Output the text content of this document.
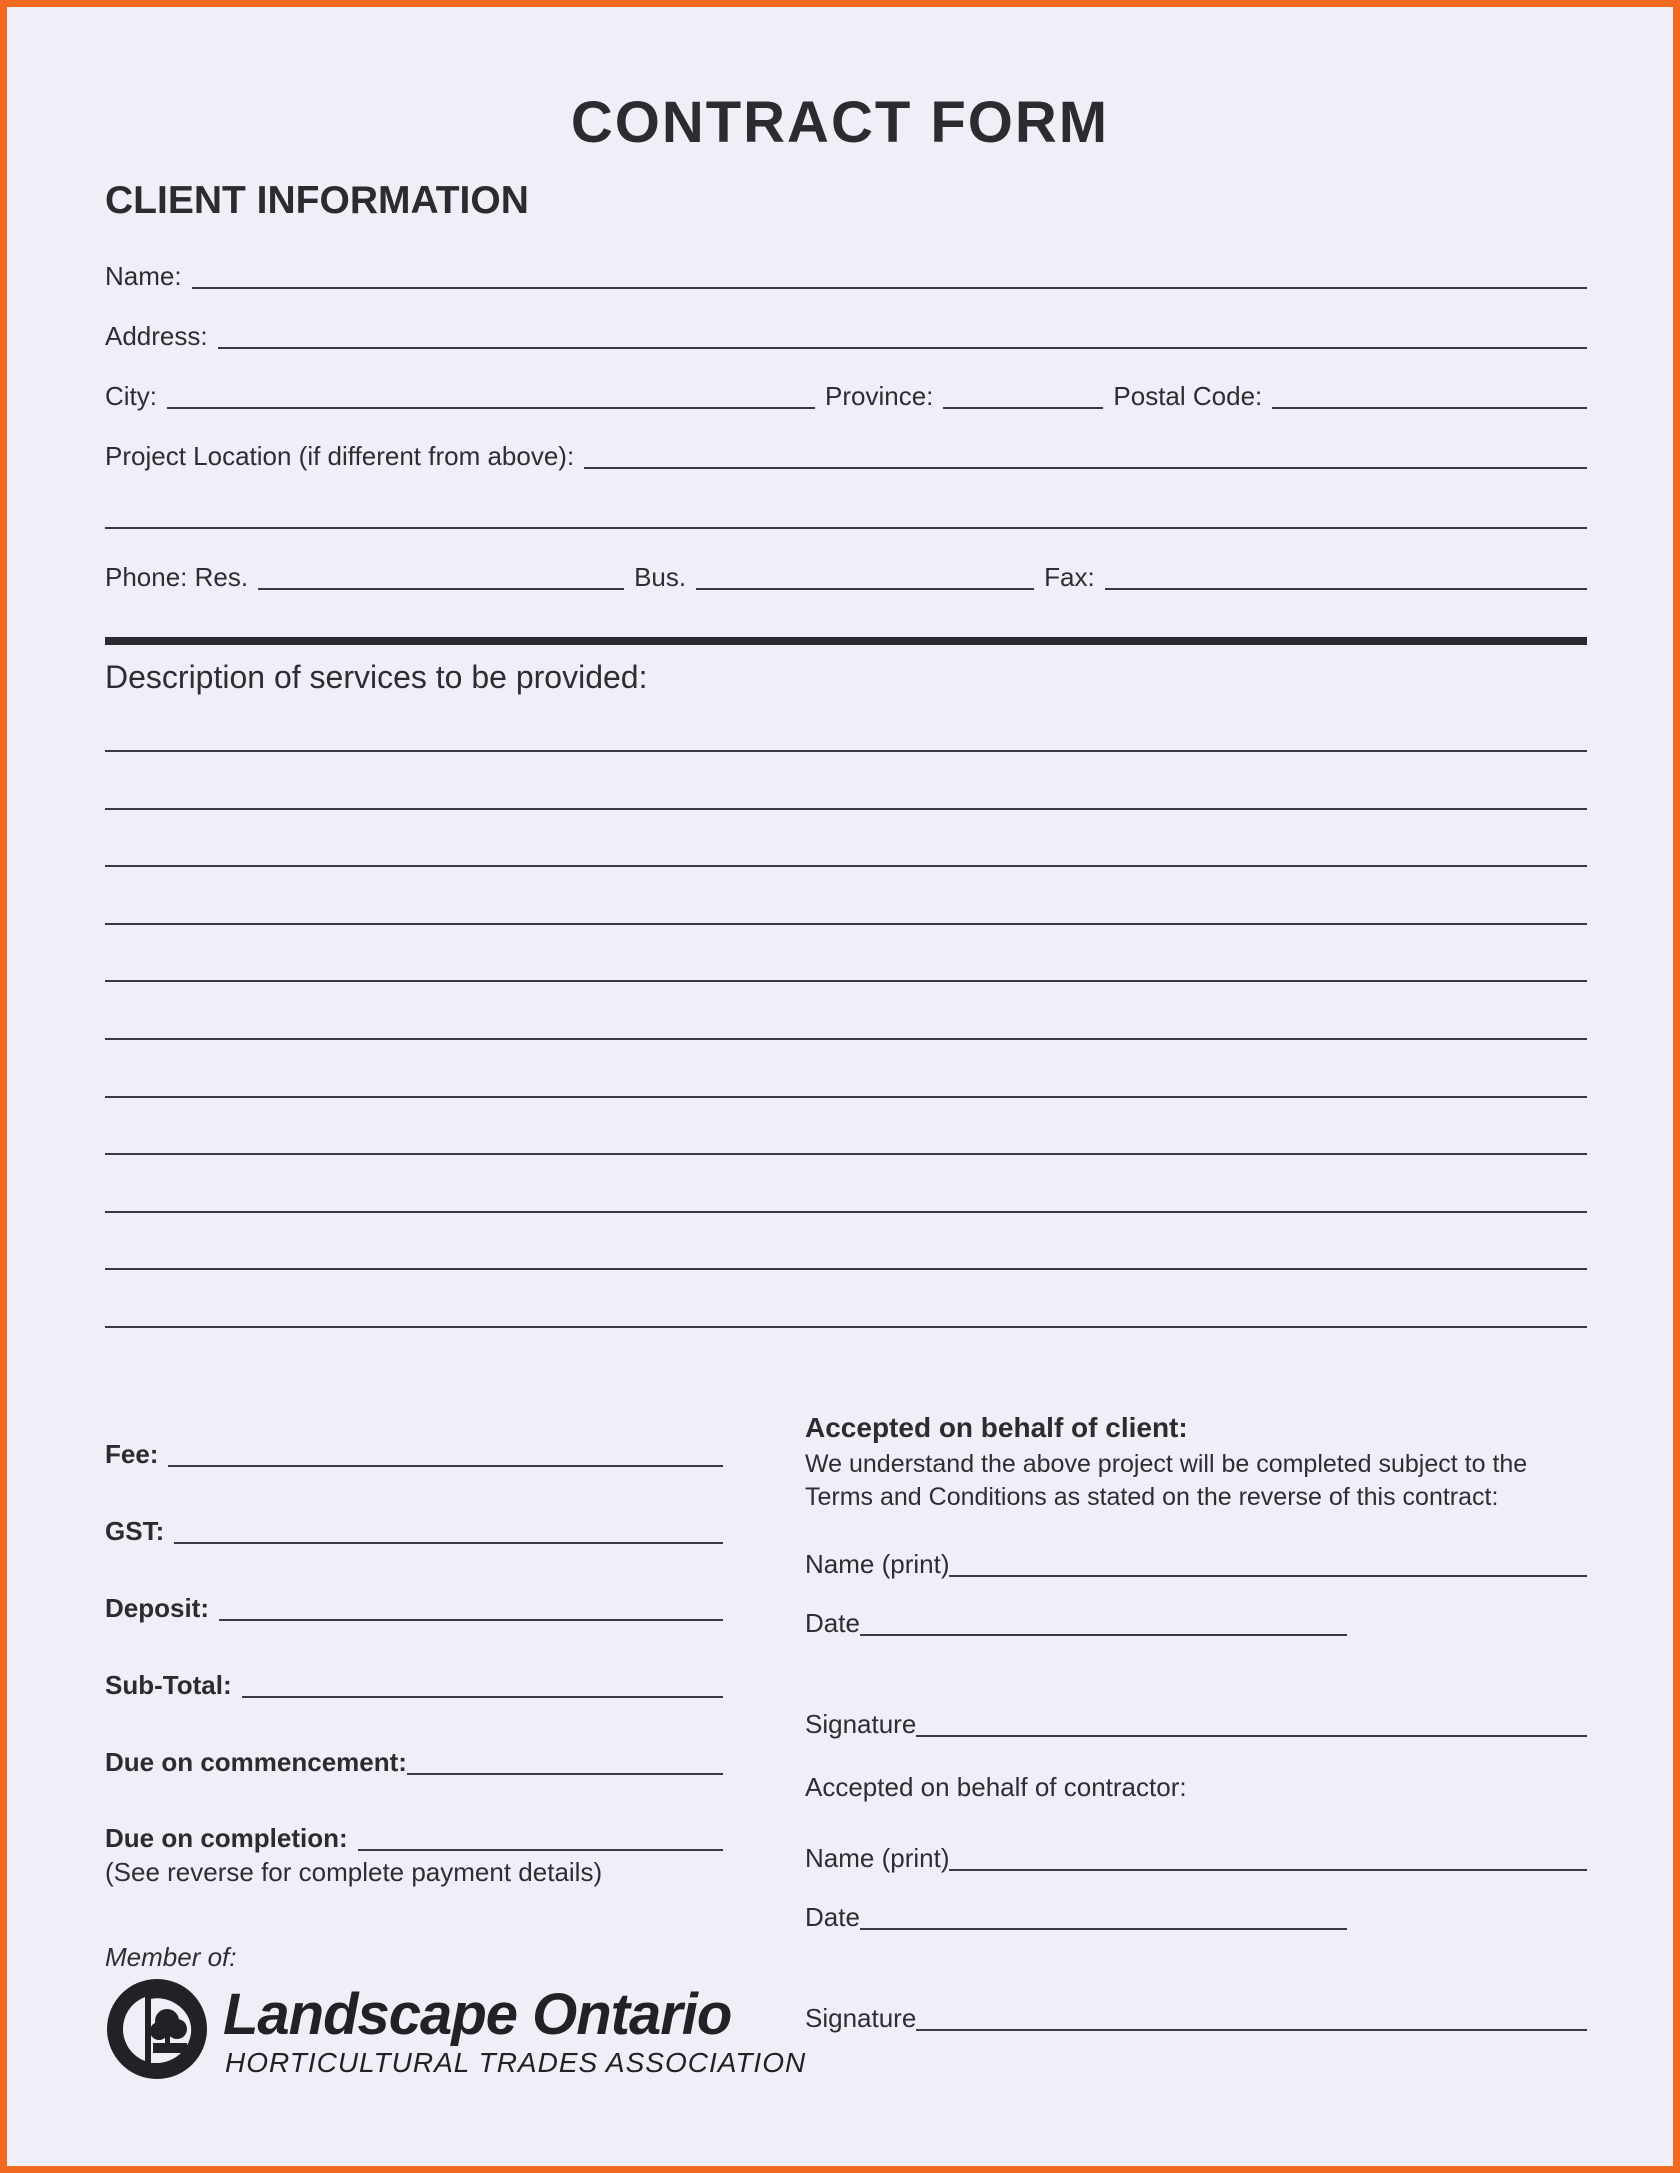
CONTRACT FORM
CLIENT INFORMATION
Name:
Address:
City:	Province:	Postal Code:
Project Location (if different from above):
Phone: Res.	Bus.	Fax:
Description of services to be provided:
Fee:
GST:
Deposit:
Sub-Total:
Due on commencement:
Due on completion:
(See reverse for complete payment details)
Accepted on behalf of client:
We understand the above project will be completed subject to the
Terms and Conditions as stated on the reverse of this contract:
Name (print)
Date
Signature
Accepted on behalf of contractor:
Name (print)
Date
Signature
Member of:
Landscape Ontario
HORTICULTURAL TRADES ASSOCIATION
